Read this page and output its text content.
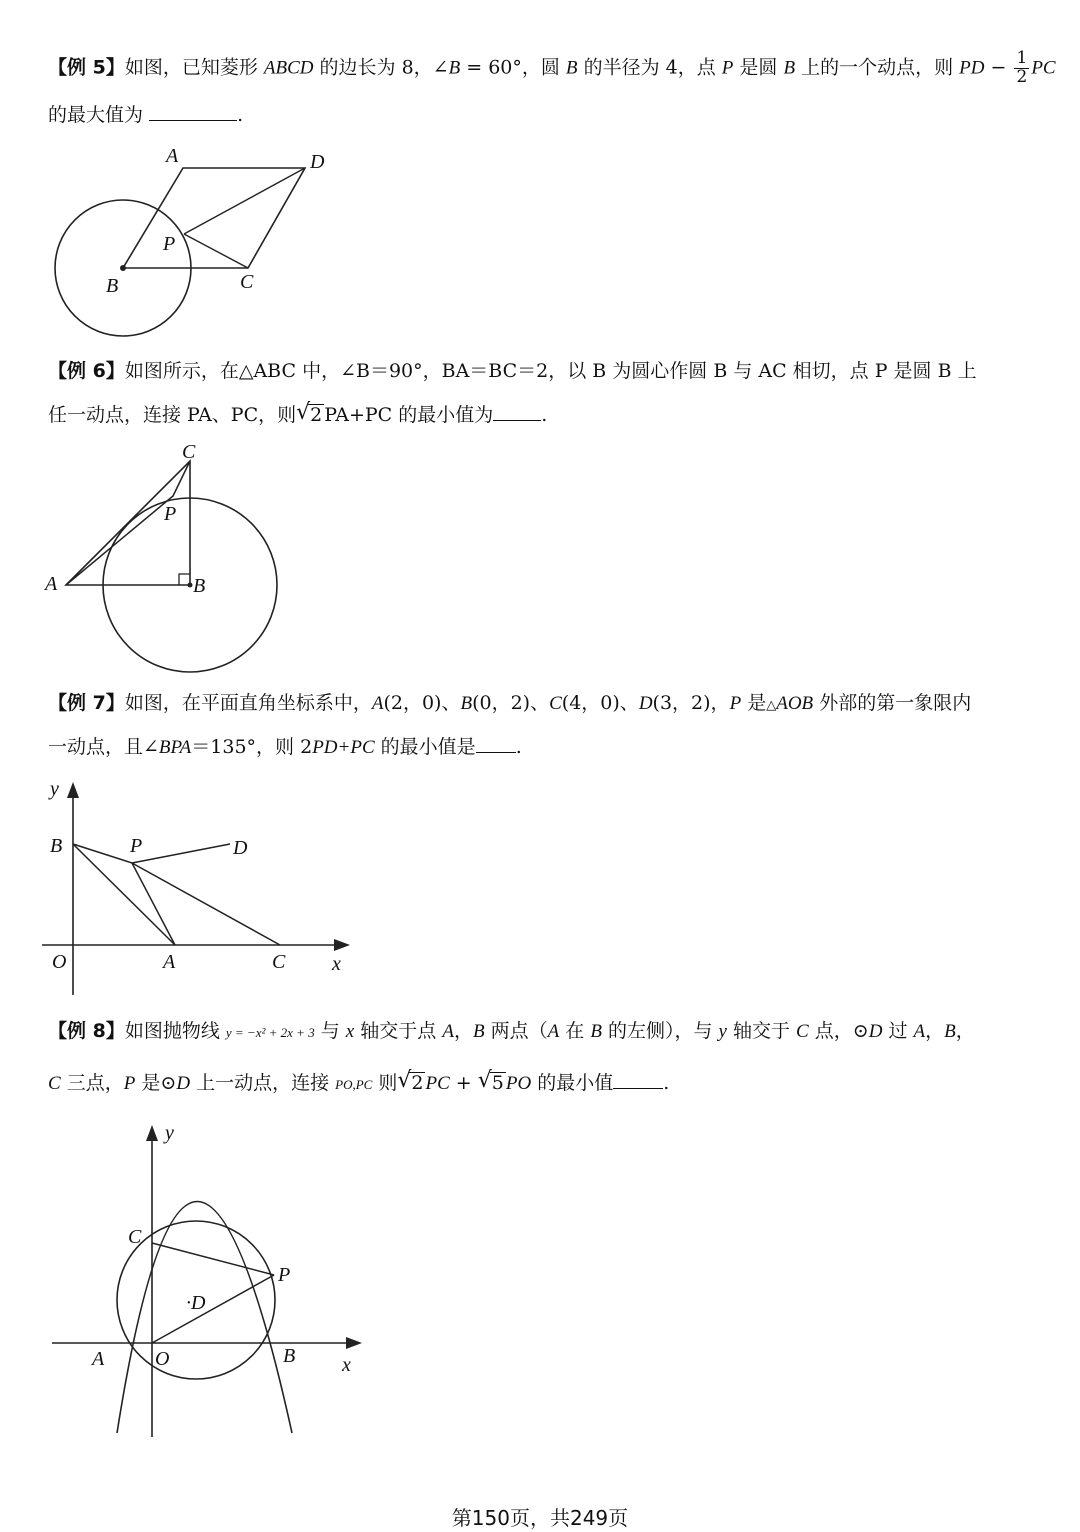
【例 5】如图，已知菱形 ABCD 的边长为 8，∠B = 60°，圆 B 的半径为 4，点 P 是圆 B 上的一个动点，则 PD − $\frac{1}{2}$ PC
的最大值为	.
A	D
P
B	C
【例 6】如图所示，在△ABC 中，∠B＝90°，BA＝BC＝2，以 B 为圆心作圆 B 与 AC 相切，点 P 是圆 B 上
任一动点，连接 PA、PC，则 √ 2 PA+PC 的最小值为	.
C
P
A	B
【例 7】如图，在平面直角坐标系中，A(2，0)、B(0，2)、C(4，0)、D(3，2)，P 是△AOB 外部的第一象限内
一动点，且∠BPA＝135°，则 2PD+PC 的最小值是 .
y
B	P	D
O	A	C x
【例 8】如图抛物线 y = −x² + 2x + 3 与 x 轴交于点 A，B 两点（A 在 B 的左侧），与 y 轴交于 C 点，⊙D 过 A，B，
C 三点，P 是⊙D 上一动点，连接 PO,PC 则 √ 2 PC + √ 5 PO 的最小值	.
y
C
P
·D
A	O	B x
第150页，共249页
